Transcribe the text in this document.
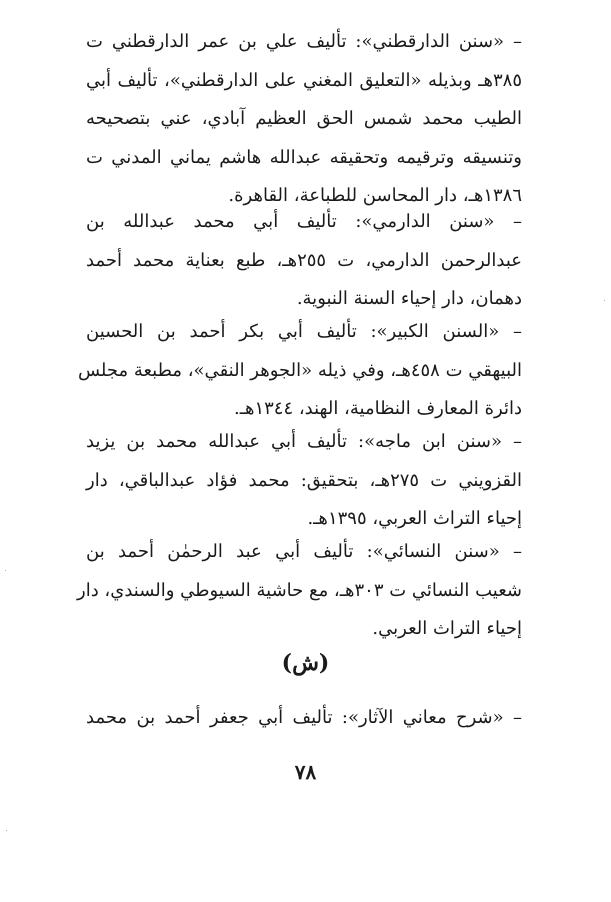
– «سنن الدارقطني»: تأليف علي بن عمر الدارقطني ت
٣٨٥هـ وبذيله «التعليق المغني على الدارقطني»، تأليف أبي
الطيب محمد شمس الحق العظيم آبادي، عني بتصحيحه
وتنسيقه وترقيمه وتحقيقه عبدالله هاشم يماني المدني ت
١٣٨٦هـ، دار المحاسن للطباعة، القاهرة.
– «سنن الدارمي»: تأليف أبي محمد عبدالله بن
عبدالرحمن الدارمي، ت ٢٥٥هـ، طبع بعناية محمد أحمد
دهمان، دار إحياء السنة النبوية.
– «السنن الكبير»: تأليف أبي بكر أحمد بن الحسين
البيهقي ت ٤٥٨هـ، وفي ذيله «الجوهر النقي»، مطبعة مجلس
دائرة المعارف النظامية، الهند، ١٣٤٤هـ.
– «سنن ابن ماجه»: تأليف أبي عبدالله محمد بن يزيد
القزويني ت ٢٧٥هـ، بتحقيق: محمد فؤاد عبدالباقي، دار
إحياء التراث العربي، ١٣٩٥هـ.
– «سنن النسائي»: تأليف أبي عبد الرحمٰن أحمد بن
شعيب النسائي ت ٣٠٣هـ، مع حاشية السيوطي والسندي، دار
إحياء التراث العربي.
(ش)
– «شرح معاني الآثار»: تأليف أبي جعفر أحمد بن محمد
٧٨
